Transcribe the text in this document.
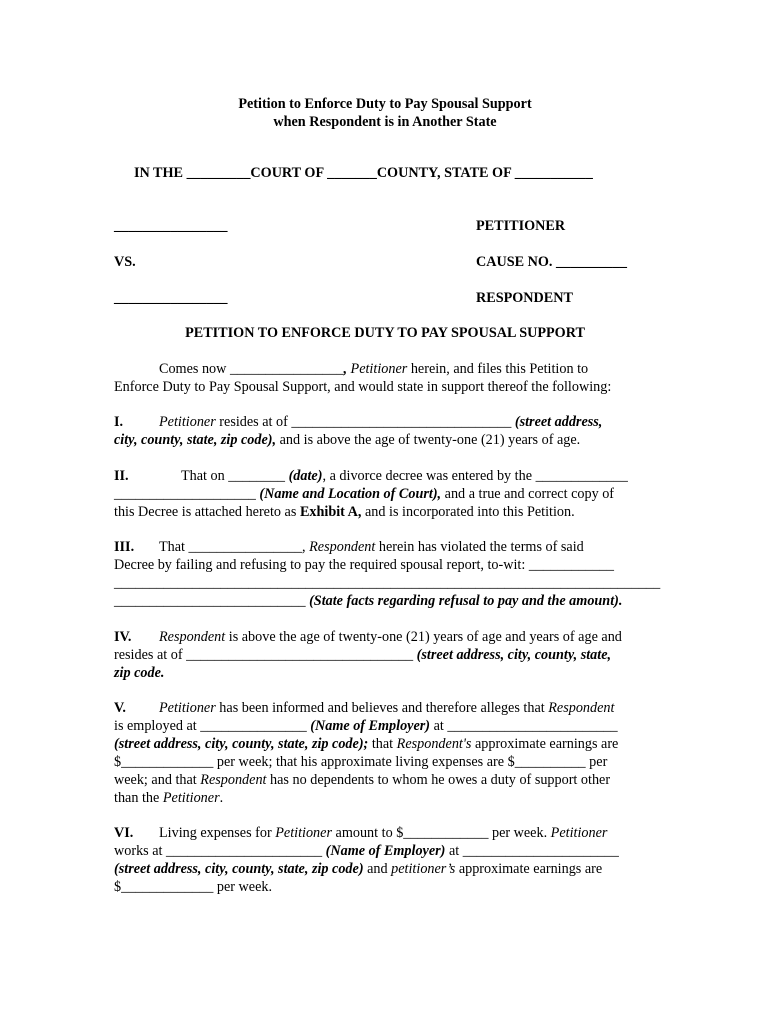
Petition to Enforce Duty to Pay Spousal Support
when Respondent is in Another State
IN THE _________COURT OF _______COUNTY, STATE OF ___________
________________	PETITIONER
VS.	CAUSE NO. __________
________________	RESPONDENT
PETITION TO ENFORCE DUTY TO PAY SPOUSAL SUPPORT
Comes now ________________, Petitioner herein, and files this Petition to
Enforce Duty to Pay Spousal Support, and would state in support thereof the following:
I.	Petitioner resides at of _______________________________ (street address,
city, county, state, zip code), and is above the age of twenty-one (21) years of age.
II.	That on ________ (date), a divorce decree was entered by the _____________
____________________ (Name and Location of Court), and a true and correct copy of
this Decree is attached hereto as Exhibit A, and is incorporated into this Petition.
III. That ________________, Respondent herein has violated the terms of said
Decree by failing and refusing to pay the required spousal report, to-wit: ____________
_____________________________________________________________________________
___________________________ (State facts regarding refusal to pay and the amount).
IV. Respondent is above the age of twenty-one (21) years of age and years of age and
resides at of ________________________________ (street address, city, county, state,
zip code.
V. Petitioner has been informed and believes and therefore alleges that Respondent
is employed at _______________ (Name of Employer) at ________________________
(street address, city, county, state, zip code); that Respondent's approximate earnings are
$_____________ per week; that his approximate living expenses are $__________ per
week; and that Respondent has no dependents to whom he owes a duty of support other
than the Petitioner.
VI. Living expenses for Petitioner amount to $____________ per week. Petitioner
works at ______________________ (Name of Employer) at ______________________
(street address, city, county, state, zip code) and petitioner’s approximate earnings are
$_____________ per week.
